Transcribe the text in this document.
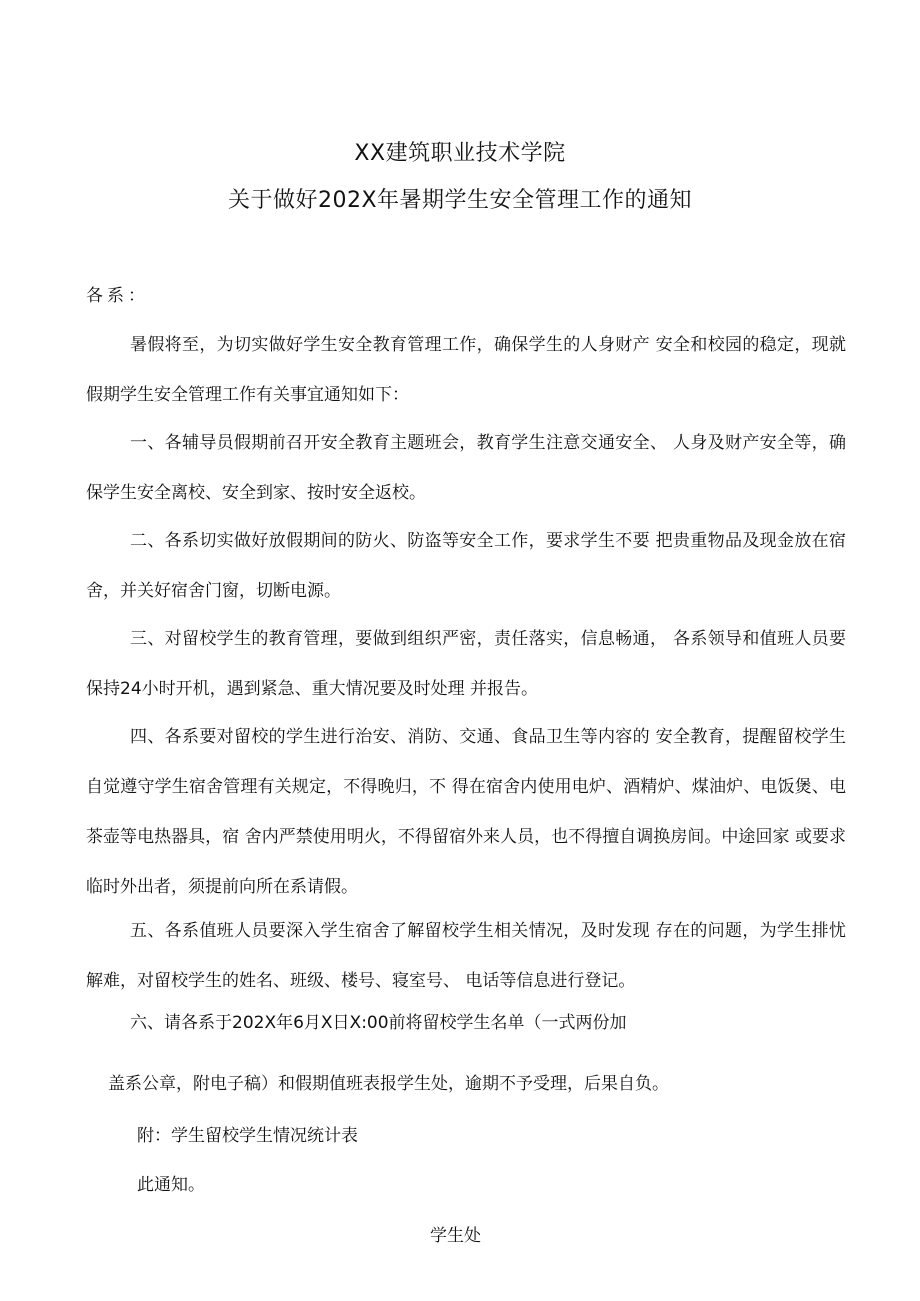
XX建筑职业技术学院
关于做好202X年暑期学生安全管理工作的通知
各系：

暑假将至，为切实做好学生安全教育管理工作，确保学生的人身财产 安全和校园的稳定，现就假期学生安全管理工作有关事宜通知如下：

一、各辅导员假期前召开安全教育主题班会，教育学生注意交通安全、 人身及财产安全等，确保学生安全离校、安全到家、按时安全返校。

二、各系切实做好放假期间的防火、防盗等安全工作，要求学生不要 把贵重物品及现金放在宿舍，并关好宿舍门窗，切断电源。

三、对留校学生的教育管理，要做到组织严密，责任落实，信息畅通， 各系领导和值班人员要保持24小时开机，遇到紧急、重大情况要及时处理 并报告。

四、各系要对留校的学生进行治安、消防、交通、食品卫生等内容的 安全教育，提醒留校学生自觉遵守学生宿舍管理有关规定，不得晚归，不 得在宿舍内使用电炉、酒精炉、煤油炉、电饭煲、电茶壶等电热器具，宿 舍内严禁使用明火，不得留宿外来人员，也不得擅自调换房间。中途回家 或要求临时外出者，须提前向所在系请假。

五、各系值班人员要深入学生宿舍了解留校学生相关情况，及时发现 存在的问题，为学生排忧解难，对留校学生的姓名、班级、楼号、寝室号、 电话等信息进行登记。

六、请各系于202X年6月X日X:00前将留校学生名单（一式两份加
盖系公章，附电子稿）和假期值班表报学生处，逾期不予受理，后果自负。
附：学生留校学生情况统计表
此通知。
学生处
